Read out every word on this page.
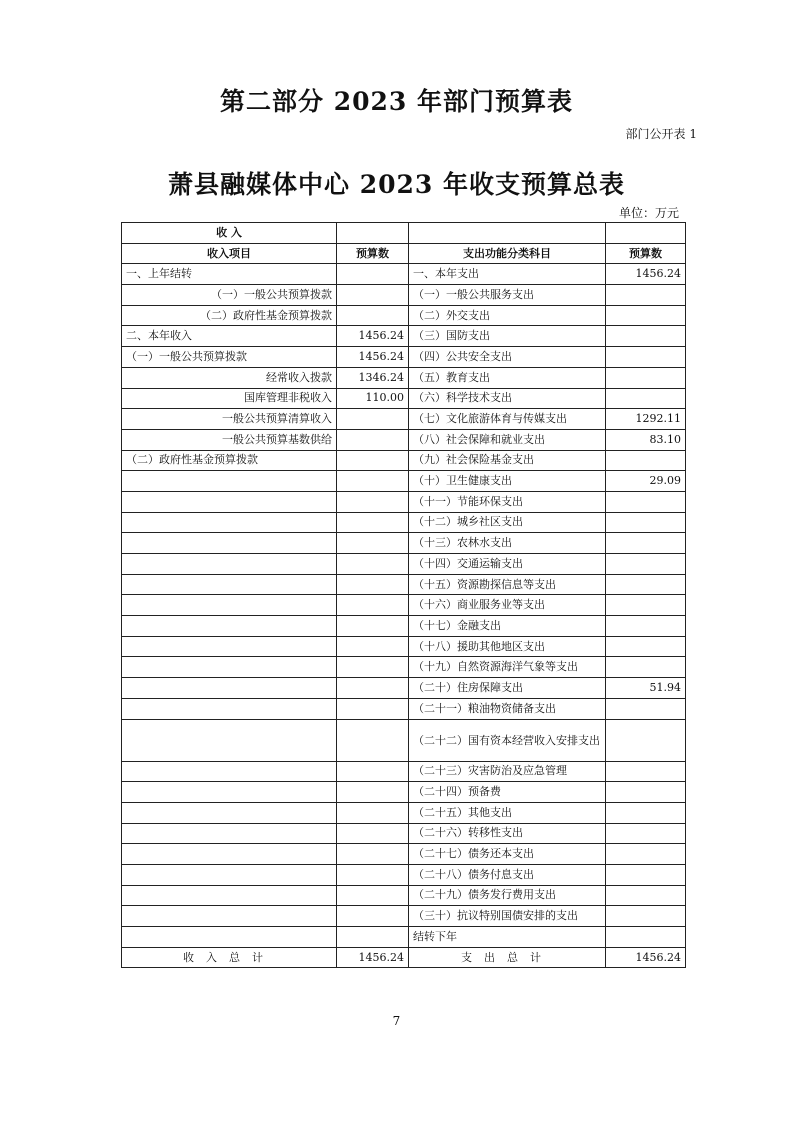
第二部分 2023 年部门预算表
部门公开表 1
萧县融媒体中心 2023 年收支预算总表
单位：万元
收 入			
收入项目	预算数	支出功能分类科目	预算数
一、上年结转		一、本年支出	1456.24
（一）一般公共预算拨款		（一）一般公共服务支出	
（二）政府性基金预算拨款		（二）外交支出	
二、本年收入	1456.24	（三）国防支出	
（一）一般公共预算拨款	1456.24	（四）公共安全支出	
经常收入拨款	1346.24	（五）教育支出	
国库管理非税收入	110.00	（六）科学技术支出	
一般公共预算清算收入		（七）文化旅游体育与传媒支出	1292.11
一般公共预算基数供给		（八）社会保障和就业支出	83.10
（二）政府性基金预算拨款		（九）社会保险基金支出	
		（十）卫生健康支出	29.09
		（十一）节能环保支出	
		（十二）城乡社区支出	
		（十三）农林水支出	
		（十四）交通运输支出	
		（十五）资源勘探信息等支出	
		（十六）商业服务业等支出	
		（十七）金融支出	
		（十八）援助其他地区支出	
		（十九）自然资源海洋气象等支出	
		（二十）住房保障支出	51.94
		（二十一）粮油物资储备支出	
		（二十二）国有资本经营收入安排支出	
		（二十三）灾害防治及应急管理	
		（二十四）预备费	
		（二十五）其他支出	
		（二十六）转移性支出	
		（二十七）债务还本支出	
		（二十八）债务付息支出	
		（二十九）债务发行费用支出	
		（三十）抗议特别国债安排的支出	
		结转下年	
收入总计	1456.24	支出总计	1456.24
7
